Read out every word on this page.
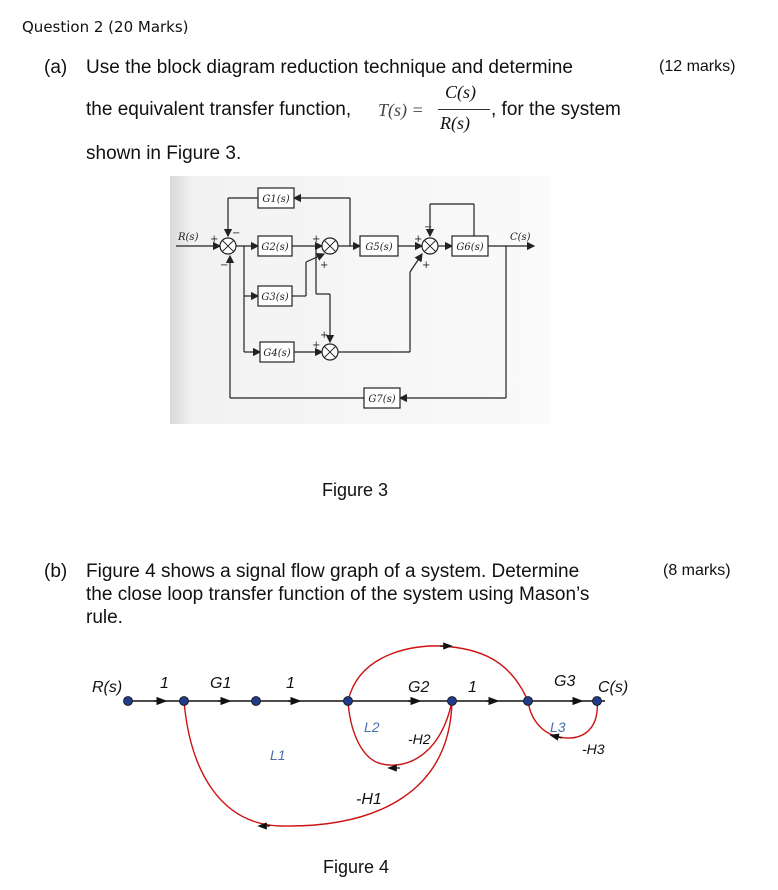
Question 2 (20 Marks)
(a) Use the block diagram reduction technique and determine	(12 marks)
the equivalent transfer function, T(s) =
C(s)
R(s)
, for the system
shown in Figure 3.
+
−
−
+
+
+
+
−
+
+
G1(s)
G2(s)
G3(s)
G4(s)
G5(s)	G6(s)
G7(s)
R(s)	C(s)
Figure 3
(b) Figure 4 shows a signal flow graph of a system. Determine	(8 marks)
the close loop transfer function of the system using Mason’s
rule.
R(s) 1	G1	1	G2 1	G3 C(s)
-H2
-H1
-H3
L1
L2	L3
Figure 4
